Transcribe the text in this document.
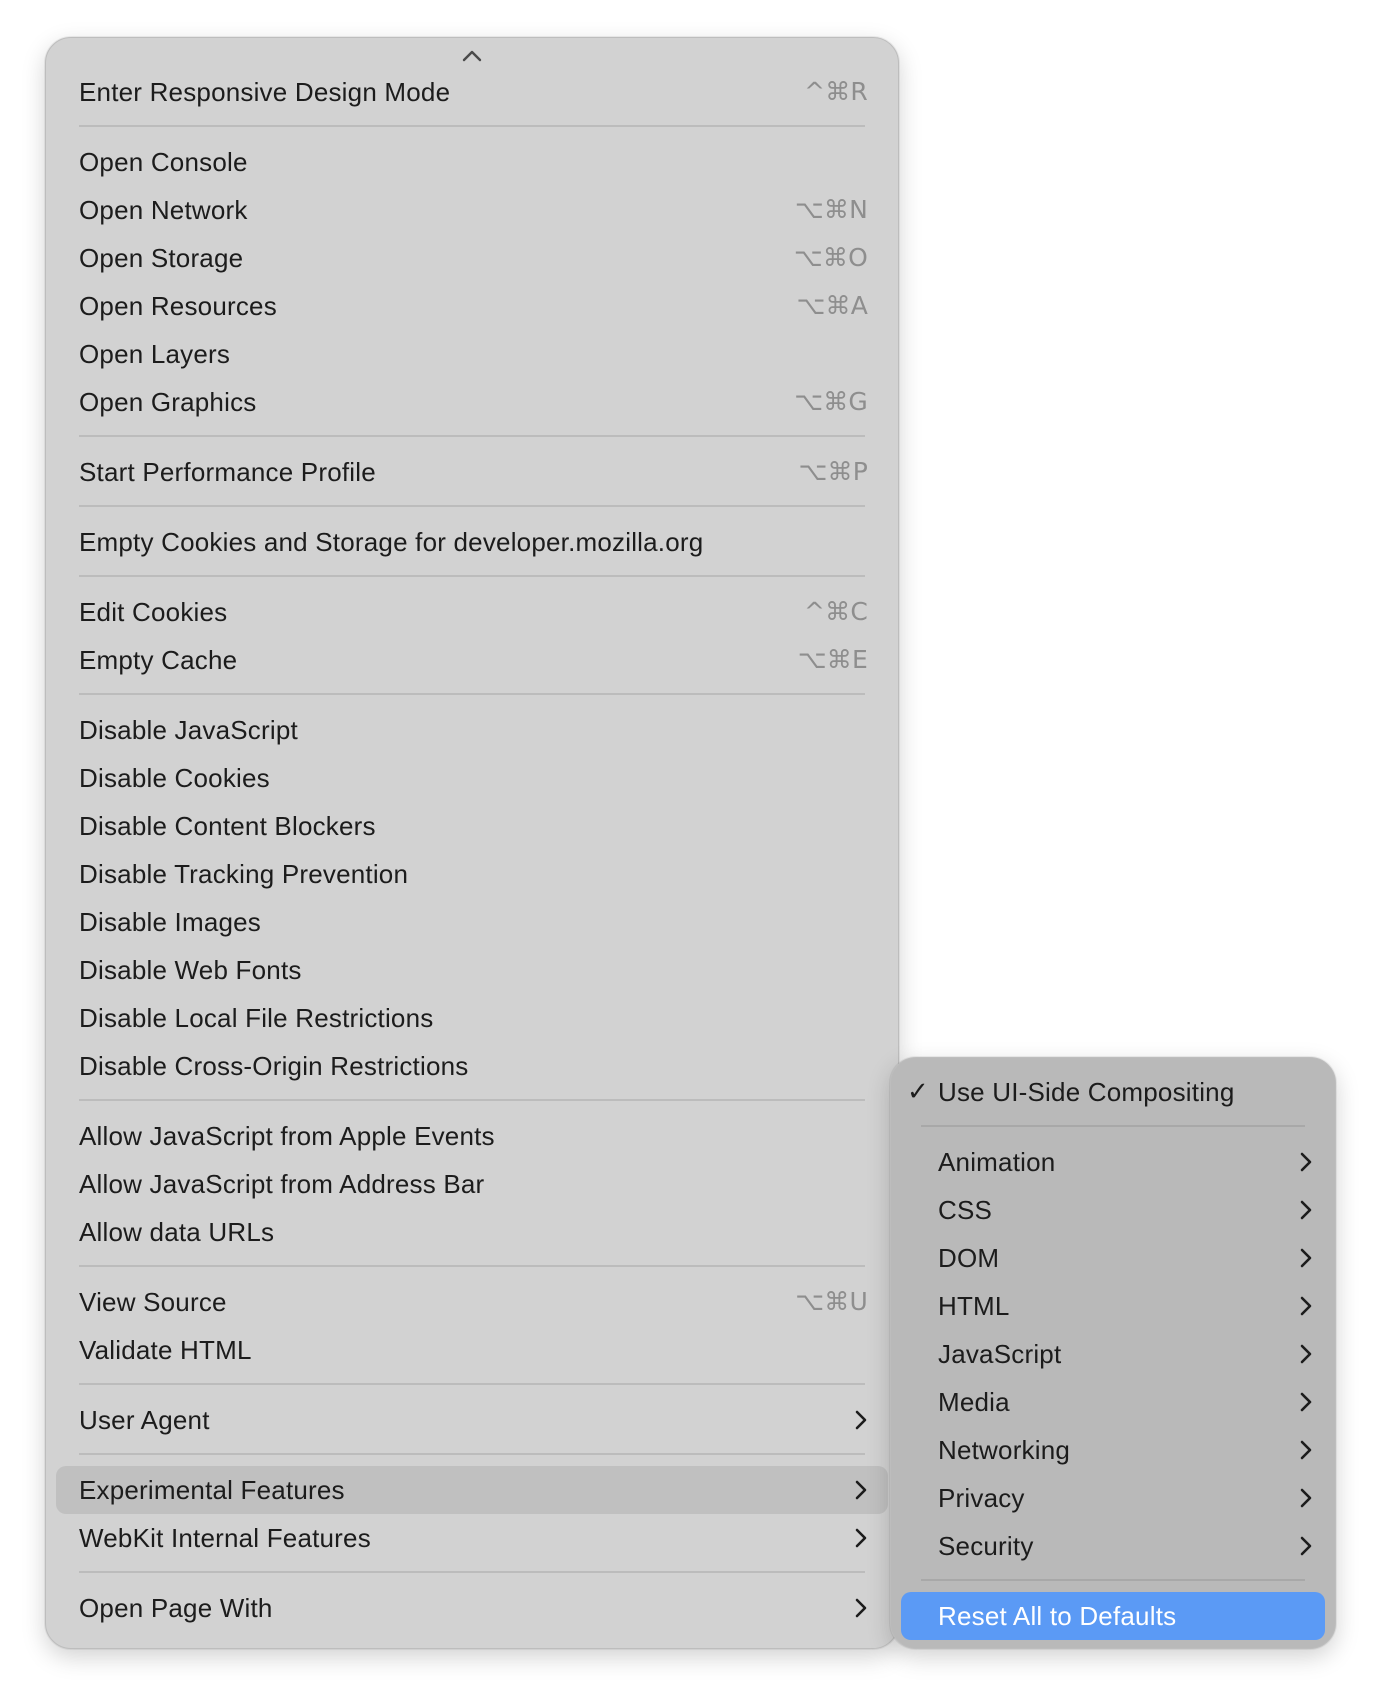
Enter Responsive Design Mode	^⌘R
Open Console
Open Network	⌥⌘N
Open Storage	⌥⌘O
Open Resources	⌥⌘A
Open Layers
Open Graphics	⌥⌘G
Start Performance Profile	⌥⌘P
Empty Cookies and Storage for developer.mozilla.org
Edit Cookies	^⌘C
Empty Cache	⌥⌘E
Disable JavaScript
Disable Cookies
Disable Content Blockers
Disable Tracking Prevention
Disable Images
Disable Web Fonts
Disable Local File Restrictions
Disable Cross-Origin Restrictions
Allow JavaScript from Apple Events
Allow JavaScript from Address Bar
Allow data URLs
View Source	⌥⌘U
Validate HTML
User Agent
Experimental Features
WebKit Internal Features
Open Page With
✓ Use UI-Side Compositing
Animation
CSS
DOM
HTML
JavaScript
Media
Networking
Privacy
Security
Reset All to Defaults
